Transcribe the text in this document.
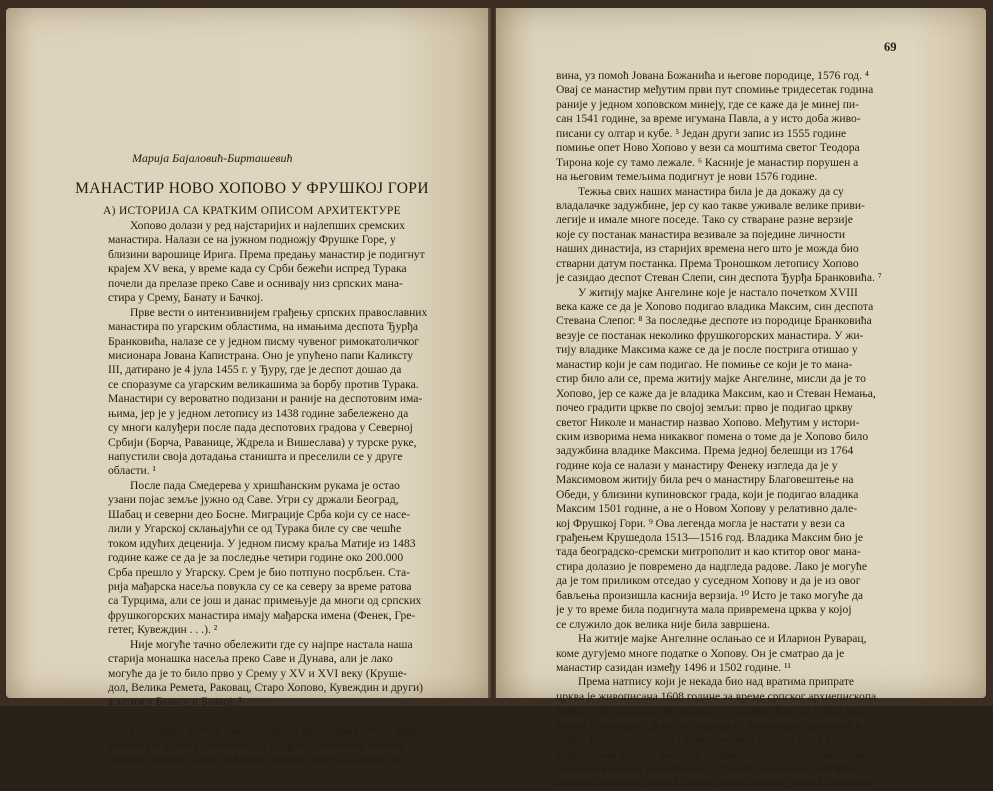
Марија Бајаловић-Бирташевић
МАНАСТИР НОВО ХОПОВО У ФРУШКОЈ ГОРИ
А) ИСТОРИЈА СА КРАТКИМ ОПИСОМ АРХИТЕКТУРЕ
Хопово долази у ред најстаријих и најлепших сремских
манастира. Налази се на јужном подножју Фрушке Горе, у
близини варошице Ирига. Према предању манастир је подигнут
крајем XV века, у време када су Срби бежећи испред Турака
почели да прелазе преко Саве и оснивају низ српских мана-
стира у Срему, Банату и Бачкој.
Прве вести о интензивнијем грађењу српских православних
манастира по угарским областима, на имањима деспота Ђурђа
Бранковића, налазе се у једном писму чувеног римокатоличког
мисионара Јована Капистрана. Оно је упућено папи Каликсту
III, датирано је 4 јула 1455 г. у Ђуру, где је деспот дошао да
се споразуме са угарским великашима за борбу против Турака.
Манастири су вероватно подизани и раније на деспотовим има-
њима, јер је у једном летопису из 1438 године забележено да
су многи калуђери после пада деспотових градова у Северној
Србији (Борча, Раванице, Ждрела и Вишеслава) у турске руке,
напустили своја дотадања станишта и преселили се у друге
области. ¹
После пада Смедерева у хришћанским рукама је остао
узани појас земље јужно од Саве. Угри су држали Београд,
Шабац и северни део Босне. Миграције Срба који су се насе-
лили у Угарској склањајући се од Турака биле су све чешће
током идућих деценија. У једном писму краља Матије из 1483
године каже се да је за последње четири године око 200.000
Срба прешло у Угарску. Срем је био потпуно посрбљен. Ста-
рија мађарска насеља повукла су се ка северу за време ратова
са Турцима, али се још и данас примењује да многи од српских
фрушкогорских манастира имају мађарска имена (Фенек, Гре-
гетег, Кувеждин . . .). ²
Није могуће тачно обележити где су најпре настала наша
старија монашка насеља преко Саве и Дунава, али је лако
могуће да је то било прво у Срему у XV и XVI веку (Круше-
дол, Велика Ремета, Раковац, Старо Хопово, Кувеждин и други)
а затим у Банату и Бачкој. ³
Најстарији натпис изнад западних врата припрате на цркви
манастира Хопова саопштава да су цркву посвећену светом
Николи подигли Лацко и Марко Јовшић, житељи Горњег Ко-
69
вина, уз помоћ Јована Божанића и његове породице, 1576 год. ⁴
Овај се манастир међутим први пут спомиње тридесетак година
раније у једном хоповском минеју, где се каже да је минеј пи-
сан 1541 године, за време игумана Павла, а у исто доба живо-
писани су олтар и кубе. ⁵ Један други запис из 1555 године
помиње опет Ново Хопово у вези са моштима светог Теодора
Тирона које су тамо лежале. ⁶ Касније је манастир порушен а
на његовим темељима подигнут је нови 1576 године.
Тежња свих наших манастира била је да докажу да су
владалачке задужбине, јер су као такве уживале велике приви-
легије и имале многе поседе. Тако су стваране разне верзије
које су постанак манастира везивале за поједине личности
наших династија, из старијих времена него што је можда био
стварни датум постанка. Према Троношком летопису Хопово
је сазидао деспот Стеван Слепи, син деспота Ђурђа Бранковића. ⁷
У житију мајке Ангелине које је настало почетком XVIII
века каже се да је Хопово подигао владика Максим, син деспота
Стевана Слепог. ⁸ За последње деспоте из породице Бранковића
везује се постанак неколико фрушкогорских манастира. У жи-
тију владике Максима каже се да је после пострига отишао у
манастир који је сам подигао. Не помиње се који је то мана-
стир било али се, према житију мајке Ангелине, мисли да је то
Хопово, јер се каже да је владика Максим, као и Стеван Немања,
почео градити цркве по својој земљи: прво је подигао цркву
светог Николе и манастир назвао Хопово. Међутим у истори-
ским изворима нема никаквог помена о томе да је Хопово било
задужбина владике Максима. Према једној белешци из 1764
године која се налази у манастиру Фенеку изгледа да је у
Максимовом житију била реч о манастиру Благовештење на
Обеди, у близини купиновског града, који је подигао владика
Максим 1501 године, а не о Новом Хопову у релативно дале-
кој Фрушкој Гори. ⁹ Ова легенда могла је настати у вези са
грађењем Крушедола 1513—1516 год. Владика Максим био је
тада београдско-сремски митрополит и као ктитор овог мана-
стира долазио је повремено да надгледа радове. Лако је могуће
да је том приликом отседао у суседном Хопову и да је из овог
бављења произишла каснија верзија. ¹⁰ Исто је тако могуће да
је у то време била подигнута мала привремена црква у којој
се служило док велика није била завршена.
На житије мајке Ангелине ослањао се и Иларион Руварац,
коме дугујемо многе податке о Хопову. Он је сматрао да је
манастир сазидан између 1496 и 1502 године. ¹¹
Према натпису који је некада био над вратима припрате
црква је живописана 1608 године за време српског архиепископа
Јована и београдског митрополита Јоакима. Ктитор је био јеро-
монах Митрофан: „и о сем потруди се Митрофан јеромонах и
плати, Бог га прости". ¹² Овом приликом изгледа да су били
живописани олтар и наос, јер је припрата „пописана" неколико
деценија касније, 1654 године, о трошку хоповских калуђера:
игумана Неофита, хаџи Стевана, попа Теодора, попа Софронија
